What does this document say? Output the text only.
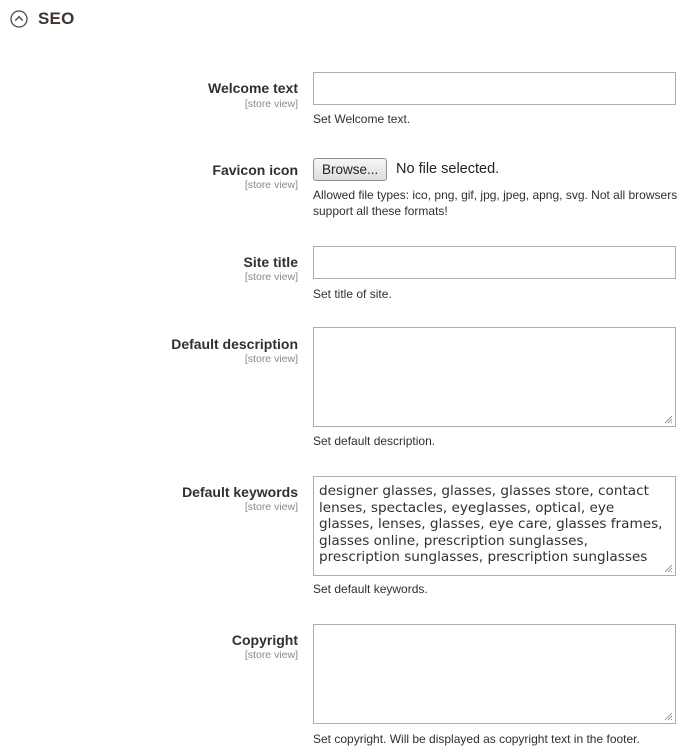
SEO
Welcome text
[store view]
Set Welcome text.
Favicon icon
[store view]
Browse...	No file selected.
Allowed file types: ico, png, gif, jpg, jpeg, apng, svg. Not all browsers support all these formats!
Site title
[store view]
Set title of site.
Default description
[store view]
Set default description.
Default keywords
[store view]
designer glasses, glasses, glasses store, contact lenses, spectacles, eyeglasses, optical, eye glasses, lenses, glasses, eye care, glasses frames, glasses online, prescription sunglasses, prescription sunglasses, prescription sunglasses
Set default keywords.
Copyright
[store view]
Set copyright. Will be displayed as copyright text in the footer.
